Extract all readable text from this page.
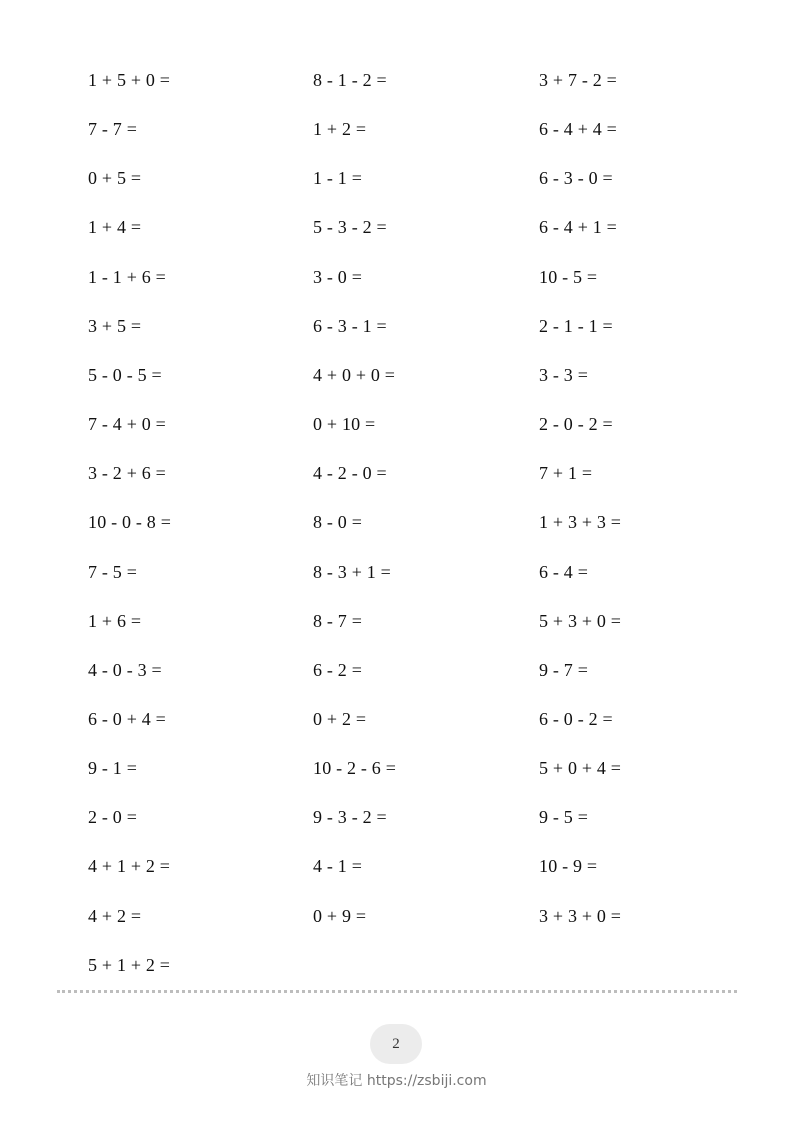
1 + 5 + 0 =
7 - 7 =
0 + 5 =
1 + 4 =
1 - 1 + 6 =
3 + 5 =
5 - 0 - 5 =
7 - 4 + 0 =
3 - 2 + 6 =
10 - 0 - 8 =
7 - 5 =
1 + 6 =
4 - 0 - 3 =
6 - 0 + 4 =
9 - 1 =
2 - 0 =
4 + 1 + 2 =
4 + 2 =
5 + 1 + 2 =
8 - 1 - 2 =
1 + 2 =
1 - 1 =
5 - 3 - 2 =
3 - 0 =
6 - 3 - 1 =
4 + 0 + 0 =
0 + 10 =
4 - 2 - 0 =
8 - 0 =
8 - 3 + 1 =
8 - 7 =
6 - 2 =
0 + 2 =
10 - 2 - 6 =
9 - 3 - 2 =
4 - 1 =
0 + 9 =
3 + 7 - 2 =
6 - 4 + 4 =
6 - 3 - 0 =
6 - 4 + 1 =
10 - 5 =
2 - 1 - 1 =
3 - 3 =
2 - 0 - 2 =
7 + 1 =
1 + 3 + 3 =
6 - 4 =
5 + 3 + 0 =
9 - 7 =
6 - 0 - 2 =
5 + 0 + 4 =
9 - 5 =
10 - 9 =
3 + 3 + 0 =
2
知识笔记 https://zsbiji.com
